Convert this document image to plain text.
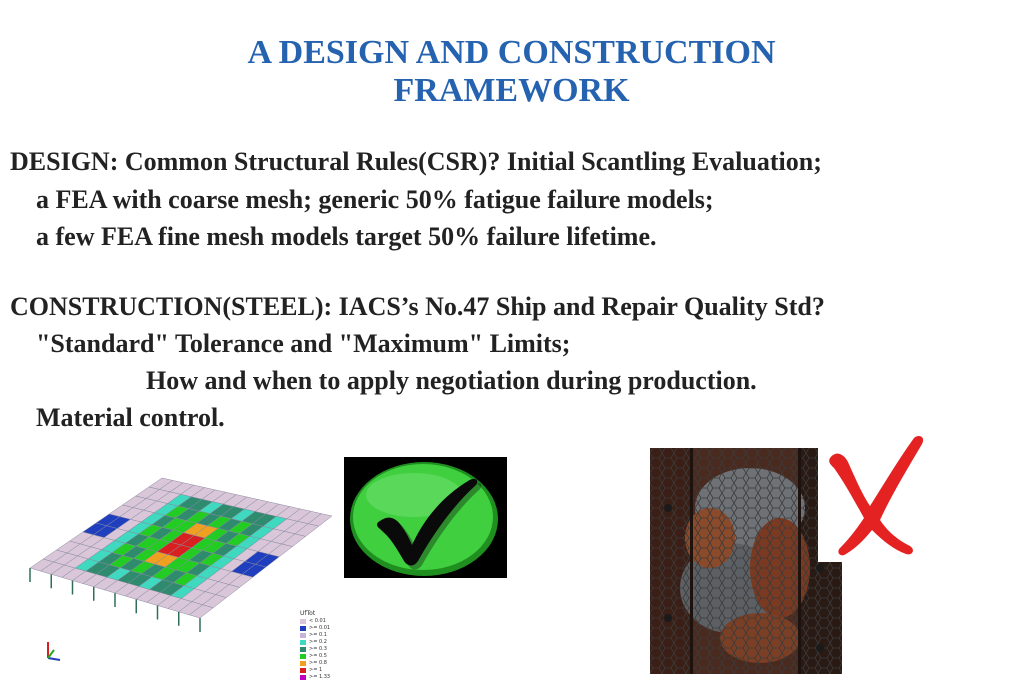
A DESIGN AND CONSTRUCTION
FRAMEWORK
DESIGN: Common Structural Rules(CSR)? Initial Scantling Evaluation;
a FEA with coarse mesh; generic 50% fatigue failure models;
a few FEA fine mesh models target 50% failure lifetime.
CONSTRUCTION(STEEL): IACS’s No.47 Ship and Repair Quality Std?
"Standard" Tolerance and "Maximum" Limits;
How and when to apply negotiation during production.
Material control.
UfTot
< 0.01
>= 0.01
>= 0.1
>= 0.2
>= 0.3
>= 0.5
>= 0.8
>= 1
>= 1.33
